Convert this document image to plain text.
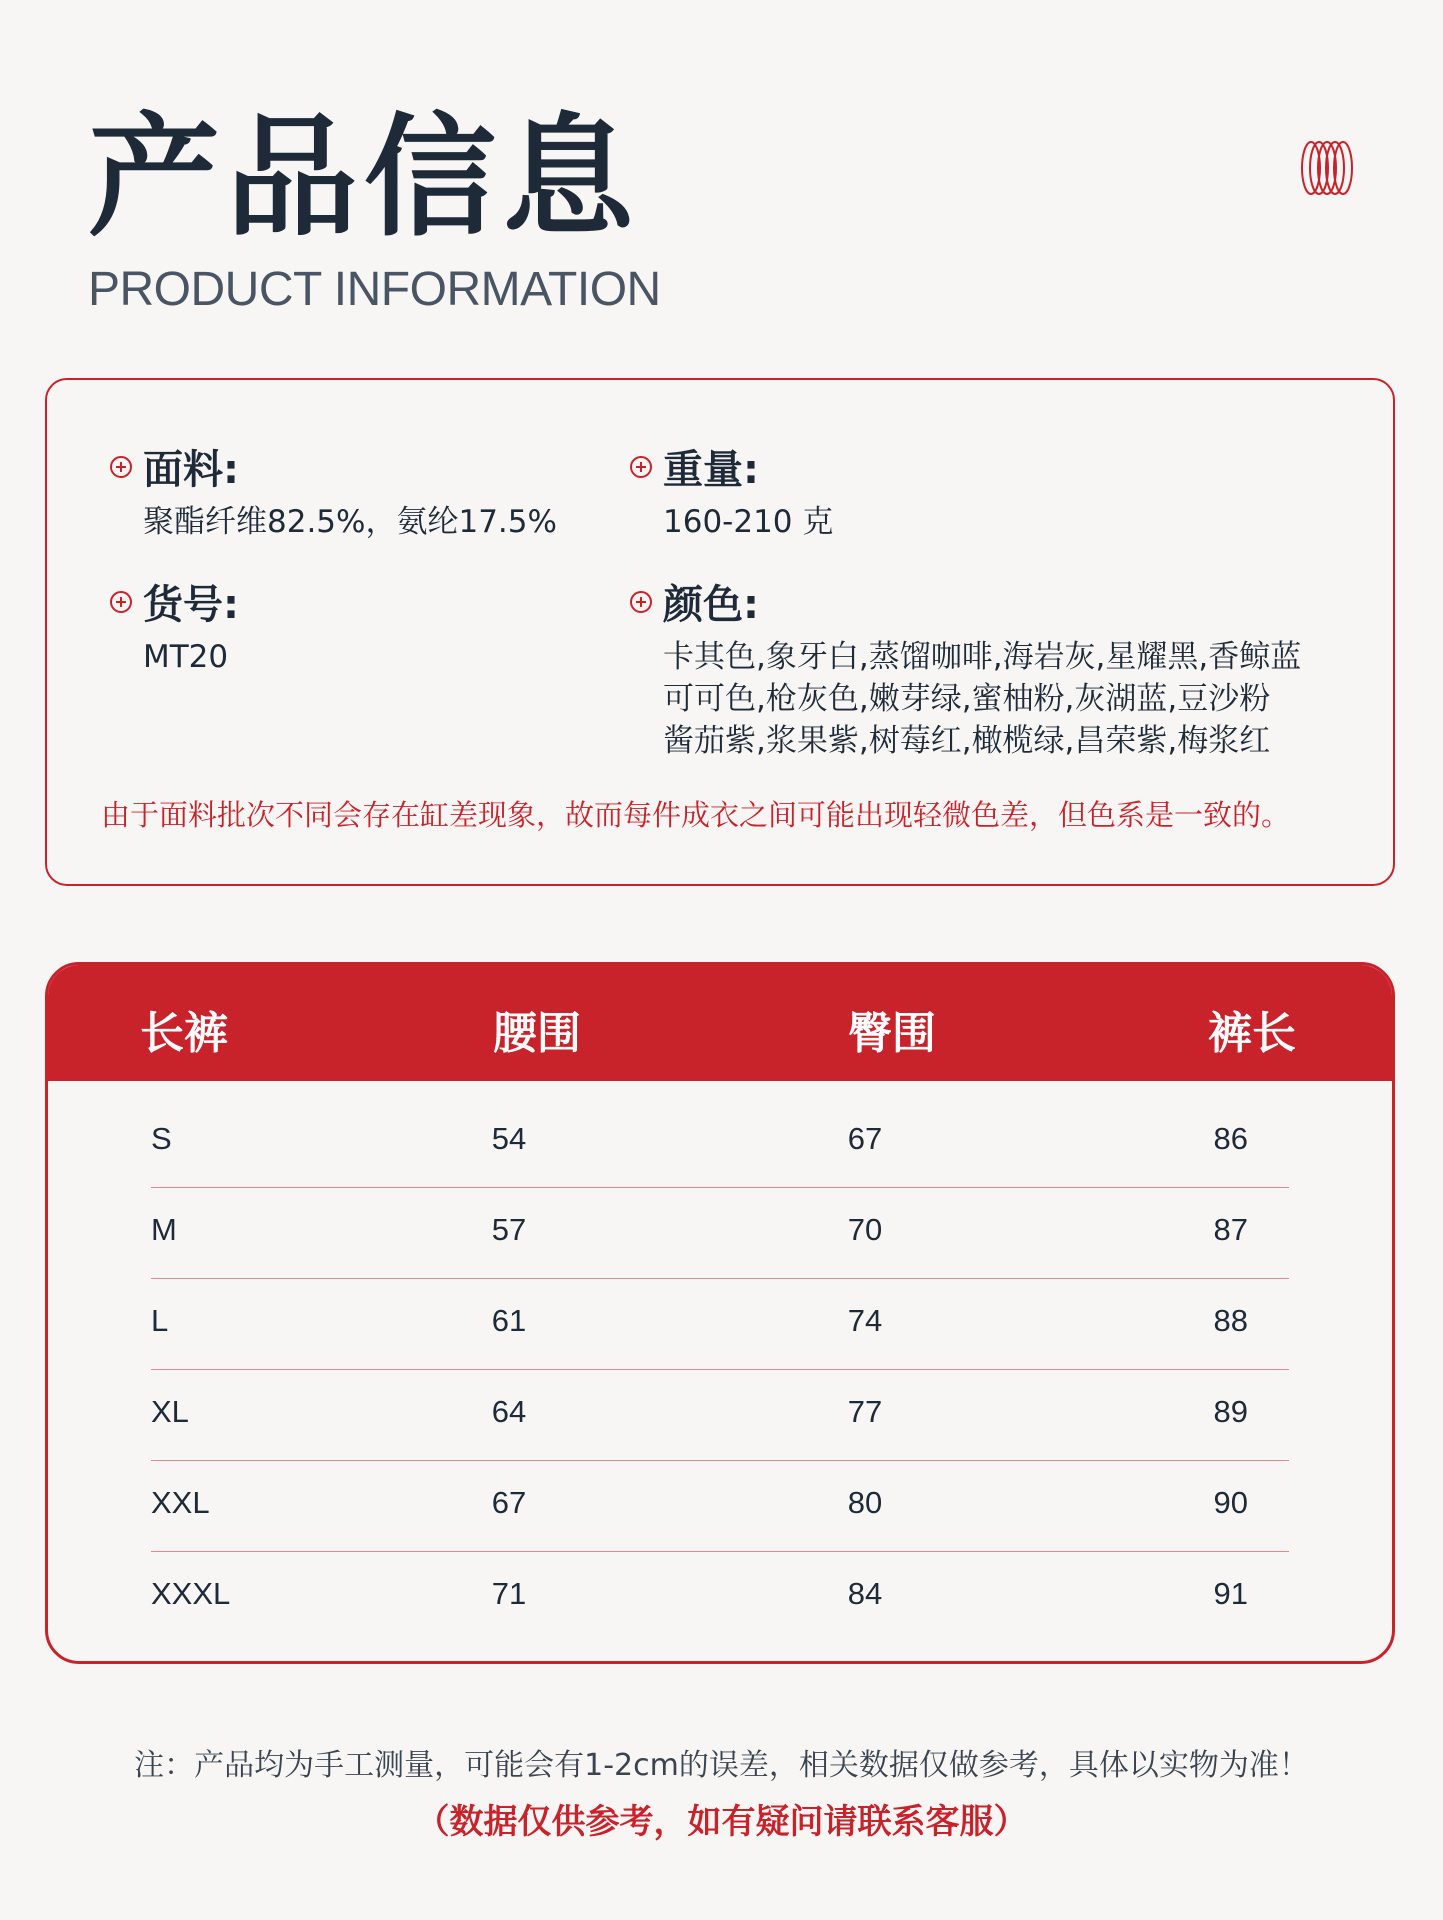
产品信息
PRODUCT INFORMATION
面料:
聚酯纤维82.5%，氨纶17.5%
重量:
160-210 克
货号:
MT20
颜色:
卡其色,象牙白,蒸馏咖啡,海岩灰,星耀黑,香鲸蓝
可可色,枪灰色,嫩芽绿,蜜柚粉,灰湖蓝,豆沙粉
酱茄紫,浆果紫,树莓红,橄榄绿,昌荣紫,梅浆红
由于面料批次不同会存在缸差现象，故而每件成衣之间可能出现轻微色差，但色系是一致的。
长裤	腰围	臀围	裤长
S	54	67	86
M	57	70	87
L	61	74	88
XL	64	77	89
XXL	67	80	90
XXXL	71	84	91
注：产品均为手工测量，可能会有1-2cm的误差，相关数据仅做参考，具体以实物为准！
（数据仅供参考，如有疑问请联系客服）
